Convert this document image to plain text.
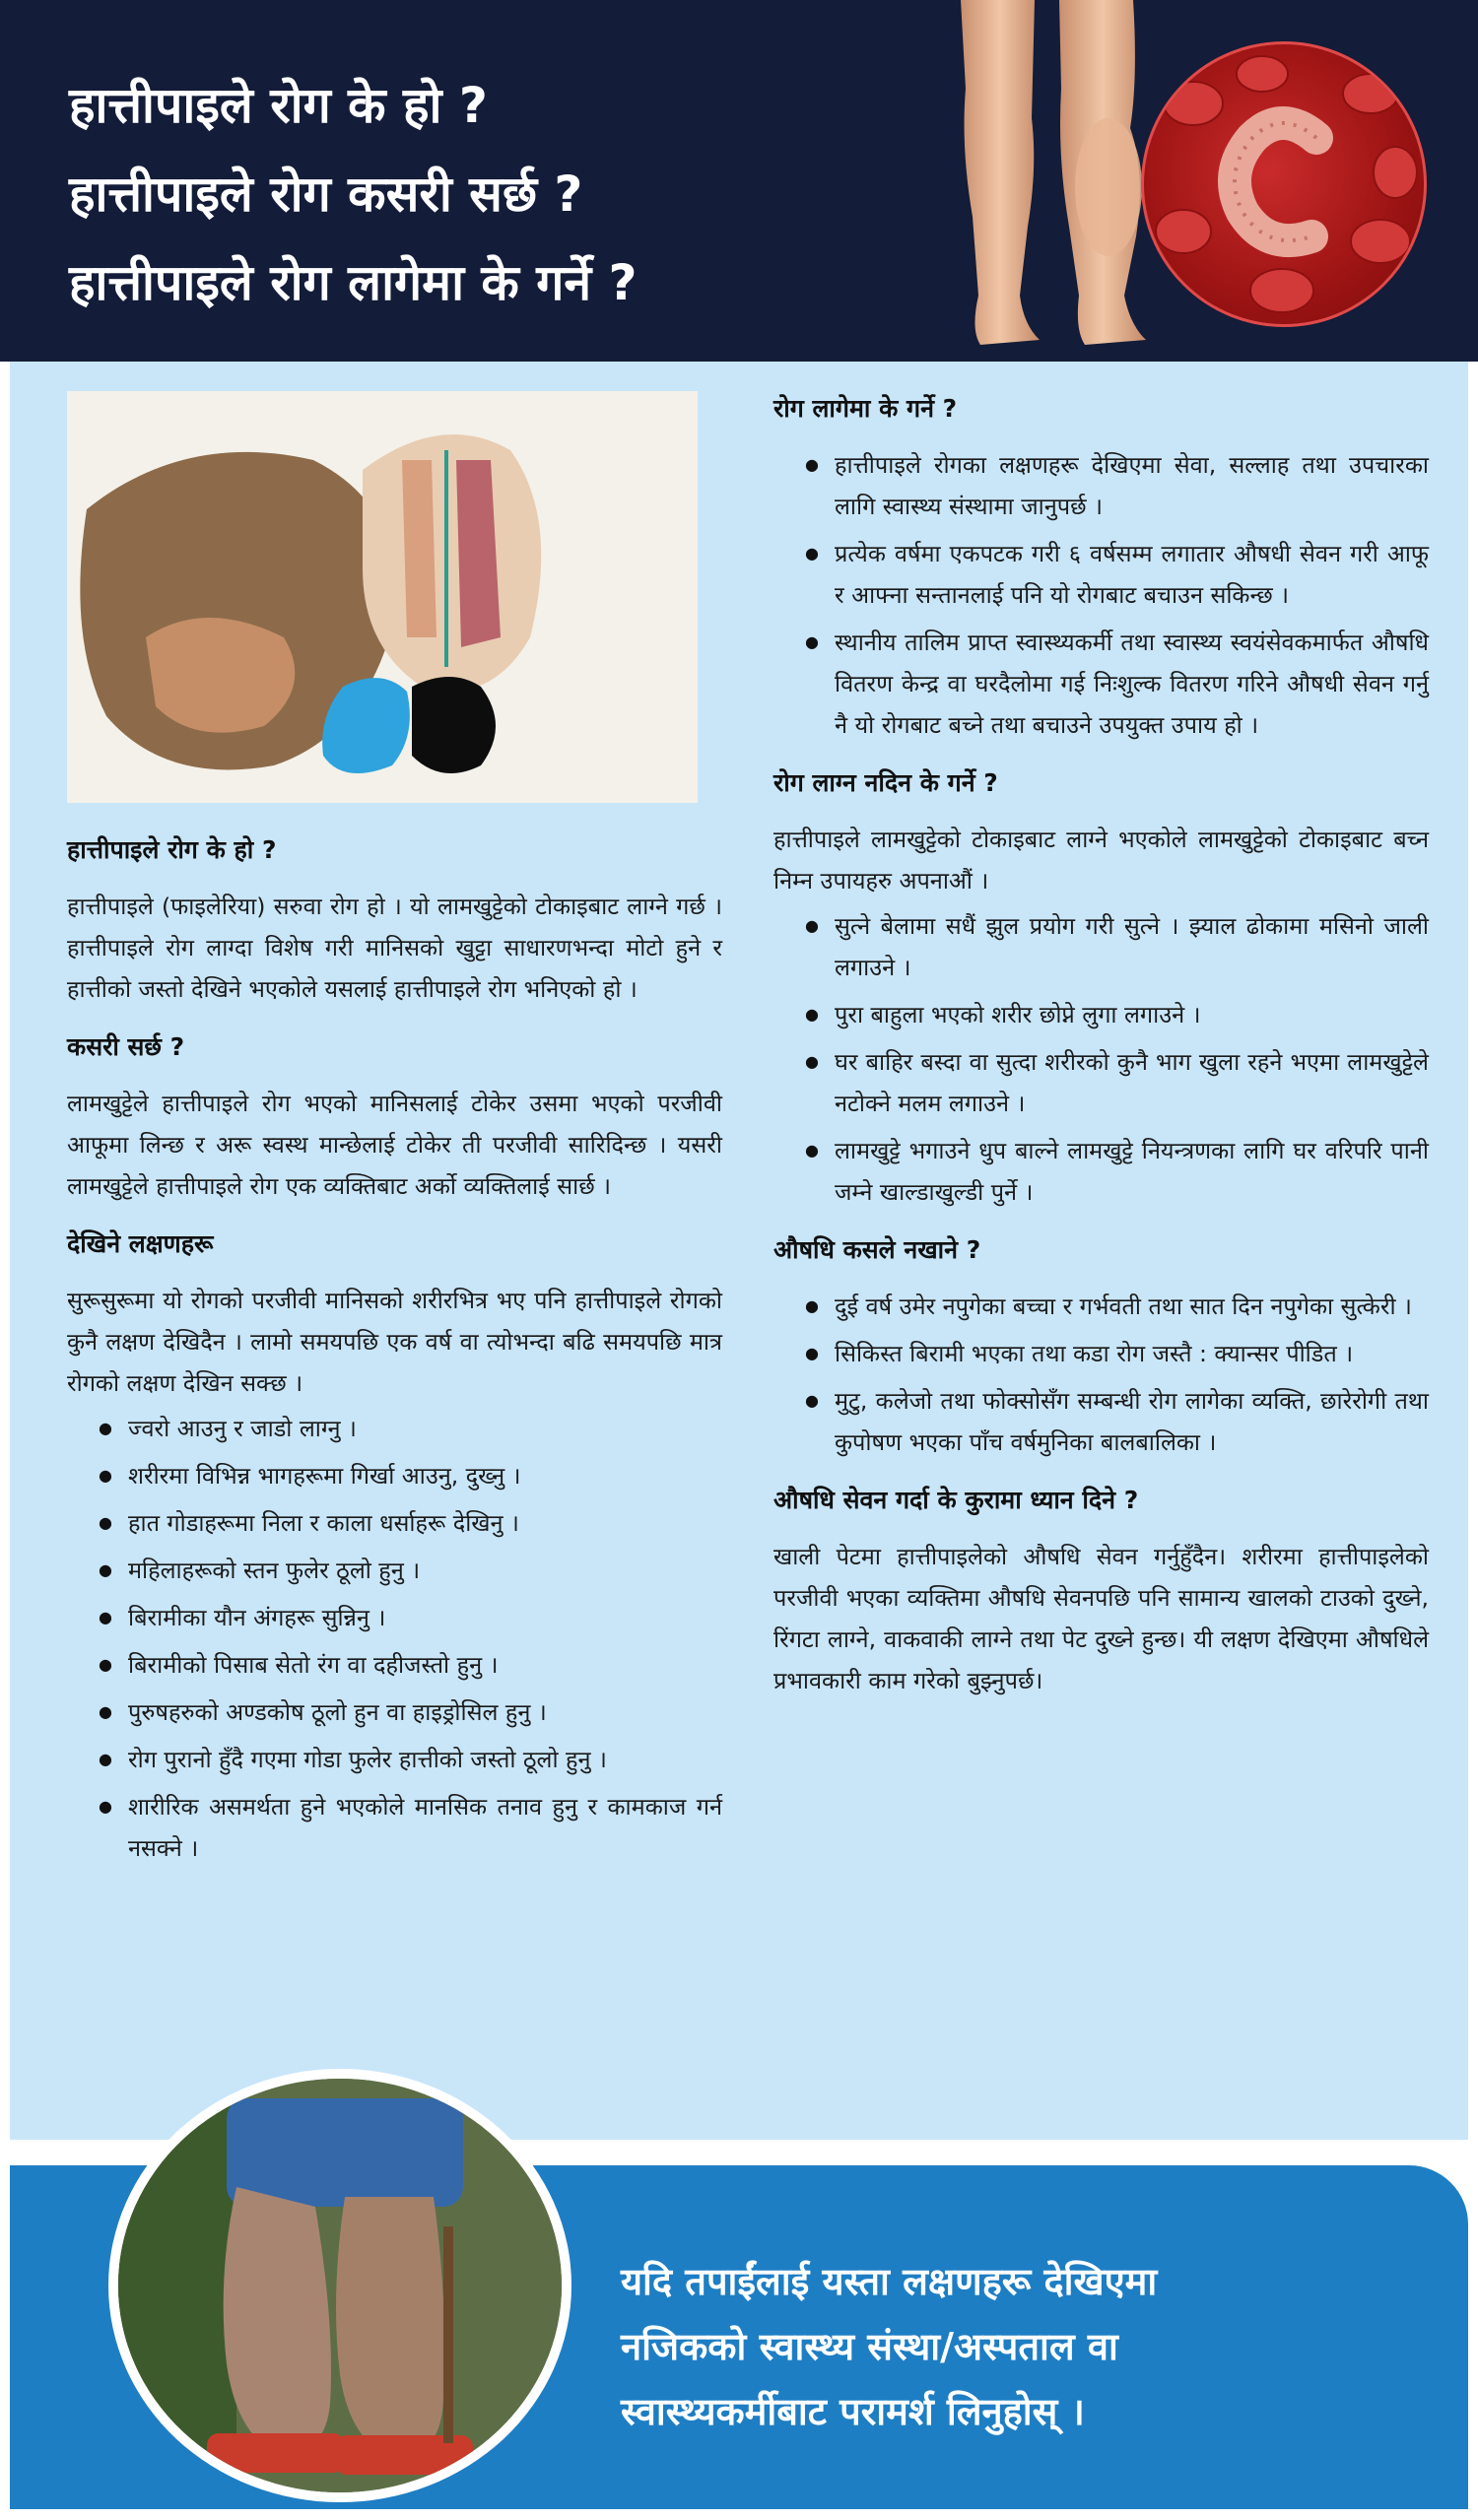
हात्तीपाइले रोग के हो ?
हात्तीपाइले रोग कसरी सर्छ ?
हात्तीपाइले रोग लागेमा के गर्ने ?
हात्तीपाइले रोग के हो ?

हात्तीपाइले (फाइलेरिया) सरुवा रोग हो । यो लामखुट्टेको टोकाइबाट लाग्ने गर्छ । हात्तीपाइले रोग लाग्दा विशेष गरी मानिसको खुट्टा साधारणभन्दा मोटो हुने र हात्तीको जस्तो देखिने भएकोले यसलाई हात्तीपाइले रोग भनिएको हो ।

कसरी सर्छ ?

लामखुट्टेले हात्तीपाइले रोग भएको मानिसलाई टोकेर उसमा भएको परजीवी आफूमा लिन्छ र अरू स्वस्थ मान्छेलाई टोकेर ती परजीवी सारिदिन्छ । यसरी लामखुट्टेले हात्तीपाइले रोग एक व्यक्तिबाट अर्को व्यक्तिलाई सार्छ ।

देखिने लक्षणहरू

सुरूसुरूमा यो रोगको परजीवी मानिसको शरीरभित्र भए पनि हात्तीपाइले रोगको कुनै लक्षण देखिदैन । लामो समयपछि एक वर्ष वा त्योभन्दा बढि समयपछि मात्र रोगको लक्षण देखिन सक्छ ।

● ज्वरो आउनु र जाडो लाग्नु ।
● शरीरमा विभिन्न भागहरूमा गिर्खा आउनु, दुख्नु ।
● हात गोडाहरूमा निला र काला धर्साहरू देखिनु ।
● महिलाहरूको स्तन फुलेर ठूलो हुनु ।
● बिरामीका यौन अंगहरू सुन्निनु ।
● बिरामीको पिसाब सेतो रंग वा दहीजस्तो हुनु ।
● पुरुषहरुको अण्डकोष ठूलो हुन वा हाइड्रोसिल हुनु ।
● रोग पुरानो हुँदै गएमा गोडा फुलेर हात्तीको जस्तो ठूलो हुनु ।
● शारीरिक असमर्थता हुने भएकोले मानसिक तनाव हुनु र कामकाज गर्न नसक्ने ।
रोग लागेमा के गर्ने ?
● हात्तीपाइले रोगका लक्षणहरू देखिएमा सेवा, सल्लाह तथा उपचारका लागि स्वास्थ्य संस्थामा जानुपर्छ ।
● प्रत्येक वर्षमा एकपटक गरी ६ वर्षसम्म लगातार औषधी सेवन गरी आफू र आफ्ना सन्तानलाई पनि यो रोगबाट बचाउन सकिन्छ ।
● स्थानीय तालिम प्राप्त स्वास्थ्यकर्मी तथा स्वास्थ्य स्वयंसेवकमार्फत औषधि वितरण केन्द्र वा घरदैलोमा गई निःशुल्क वितरण गरिने औषधी सेवन गर्नु नै यो रोगबाट बच्ने तथा बचाउने उपयुक्त उपाय हो ।
रोग लाग्न नदिन के गर्ने ?

हात्तीपाइले लामखुट्टेको टोकाइबाट लाग्ने भएकोले लामखुट्टेको टोकाइबाट बच्न निम्न उपायहरु अपनाऔं ।

● सुत्ने बेलामा सधैं झुल प्रयोग गरी सुत्ने । झ्याल ढोकामा मसिनो जाली लगाउने ।
● पुरा बाहुला भएको शरीर छोप्ने लुगा लगाउने ।
● घर बाहिर बस्दा वा सुत्दा शरीरको कुनै भाग खुला रहने भएमा लामखुट्टेले नटोक्ने मलम लगाउने ।
● लामखुट्टे भगाउने धुप बाल्ने लामखुट्टे नियन्त्रणका लागि घर वरिपरि पानी जम्ने खाल्डाखुल्डी पुर्ने ।
औषधि कसले नखाने ?
● दुई वर्ष उमेर नपुगेका बच्चा र गर्भवती तथा सात दिन नपुगेका सुत्केरी ।
● सिकिस्त बिरामी भएका तथा कडा रोग जस्तै : क्यान्सर पीडित ।
● मुटु, कलेजो तथा फोक्सोसँग सम्बन्धी रोग लागेका व्यक्ति, छारेरोगी तथा कुपोषण भएका पाँच वर्षमुनिका बालबालिका ।
औषधि सेवन गर्दा के कुरामा ध्यान दिने ?

खाली पेटमा हात्तीपाइलेको औषधि सेवन गर्नुहुँदैन। शरीरमा हात्तीपाइलेको परजीवी भएका व्यक्तिमा औषधि सेवनपछि पनि सामान्य खालको टाउको दुख्ने, रिंगटा लाग्ने, वाकवाकी लाग्ने तथा पेट दुख्ने हुन्छ। यी लक्षण देखिएमा औषधिले प्रभावकारी काम गरेको बुझ्नुपर्छ।

यदि तपाईंलाई यस्ता लक्षणहरू देखिएमा
नजिकको स्वास्थ्य संस्था/अस्पताल वा
स्वास्थ्यकर्मीबाट परामर्श लिनुहोस् ।
